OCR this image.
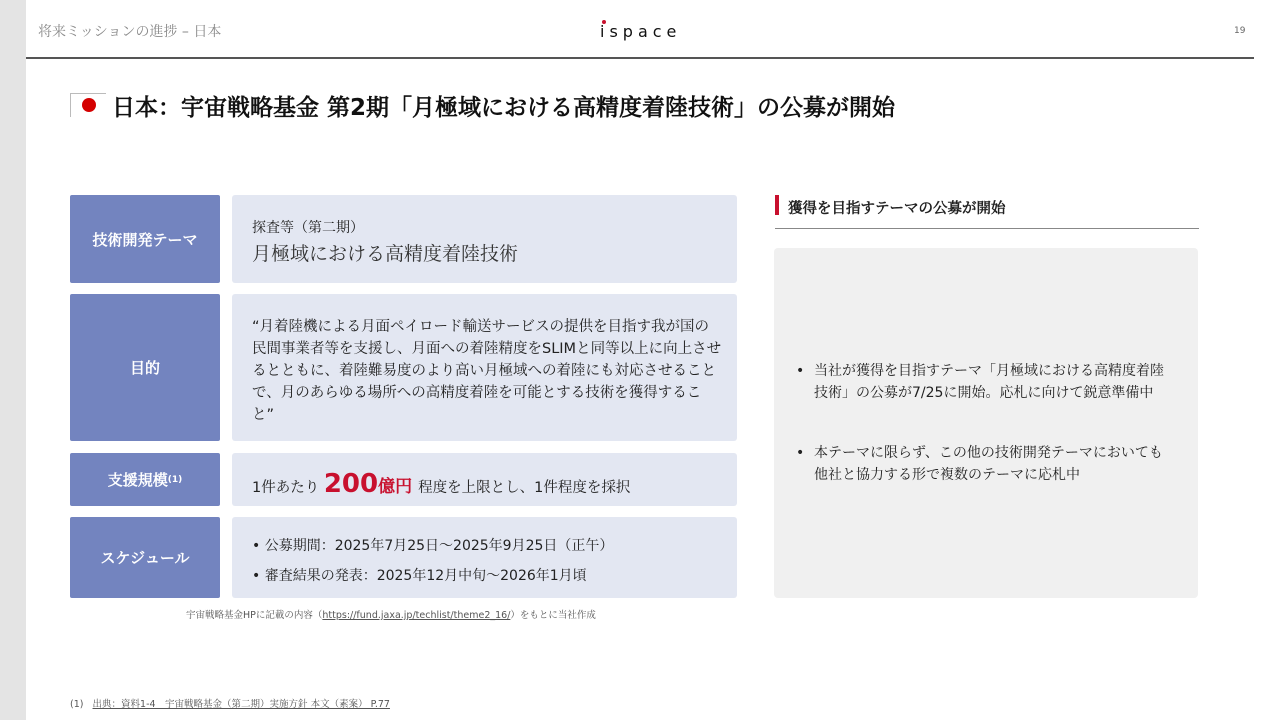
将来ミッションの進捗 – 日本	ispace	19
日本：宇宙戦略基金 第2期「月極域における高精度着陸技術」の公募が開始
技術開発テーマ
探査等（第二期）
月極域における高精度着陸技術
目的
“月着陸機による月面ペイロード輸送サービスの提供を目指す我が国の民間事業者等を支援し、月面への着陸精度をSLIMと同等以上に向上させるとともに、着陸難易度のより高い月極域への着陸にも対応させることで、月のあらゆる場所への高精度着陸を可能とする技術を獲得すること”
支援規模 (1)
1件あたり 200億円 程度を上限とし、1件程度を採択
スケジュール
• 公募期間：2025年7月25日～2025年9月25日（正午）
• 審査結果の発表：2025年12月中旬～2026年1月頃
宇宙戦略基金HPに記載の内容（https://fund.jaxa.jp/techlist/theme2_16/）をもとに当社作成
獲得を目指すテーマの公募が開始
• 当社が獲得を目指すテーマ「月極域における高精度着陸技術」の公募が7/25に開始。応札に向けて鋭意準備中
• 本テーマに限らず、この他の技術開発テーマにおいても他社と協力する形で複数のテーマに応札中
(1) 出典：資料1-4　宇宙戦略基金（第二期）実施方針 本文（素案） P.77
